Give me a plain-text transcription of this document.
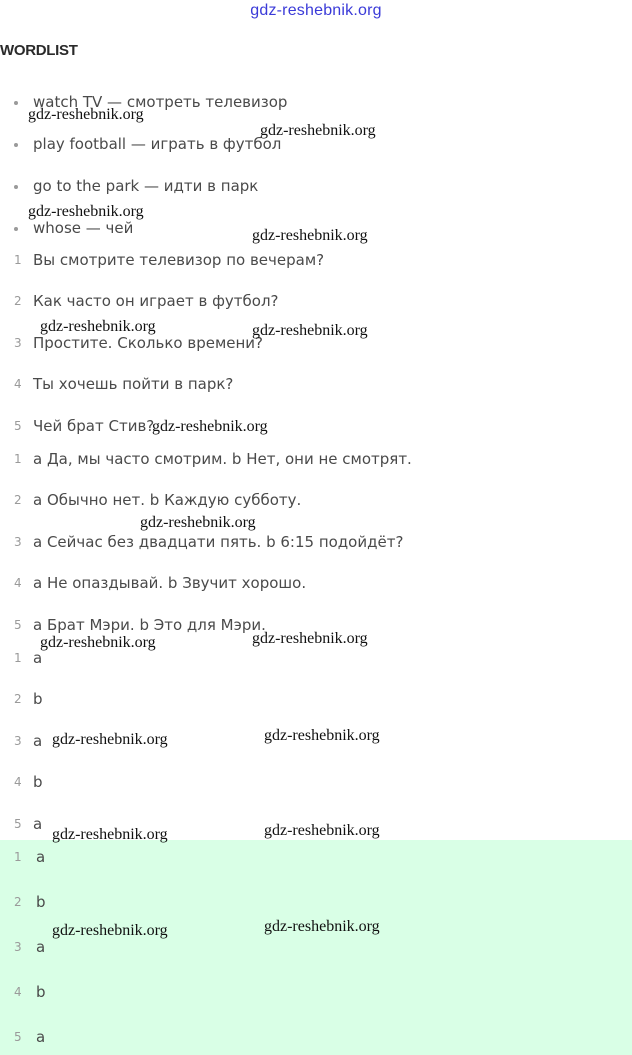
gdz-reshebnik.org
WORDLIST
watch TV — смотреть телевизор
play football — играть в футбол
go to the park — идти в парк
whose — чей
1 Вы смотрите телевизор по вечерам?
2 Как часто он играет в футбол?
3 Простите. Сколько времени?
4 Ты хочешь пойти в парк?
5 Чей брат Стив?
1 а Да, мы часто смотрим. b Нет, они не смотрят.
2 а Обычно нет. b Каждую субботу.
3 а Сейчас без двадцати пять. b 6:15 подойдёт?
4 а Не опаздывай. b Звучит хорошо.
5 а Брат Мэри. b Это для Мэри.
1 a
2 b
3 a
4 b
5 a
1 a
2 b
3 a
4 b
5 a
gdz-reshebnik.org
gdz-reshebnik.org
gdz-reshebnik.org
gdz-reshebnik.org
gdz-reshebnik.org	gdz-reshebnik.org
gdz-reshebnik.org
gdz-reshebnik.org
gdz-reshebnik.org	gdz-reshebnik.org
gdz-reshebnik.org	gdz-reshebnik.org
gdz-reshebnik.org	gdz-reshebnik.org
gdz-reshebnik.org	gdz-reshebnik.org
